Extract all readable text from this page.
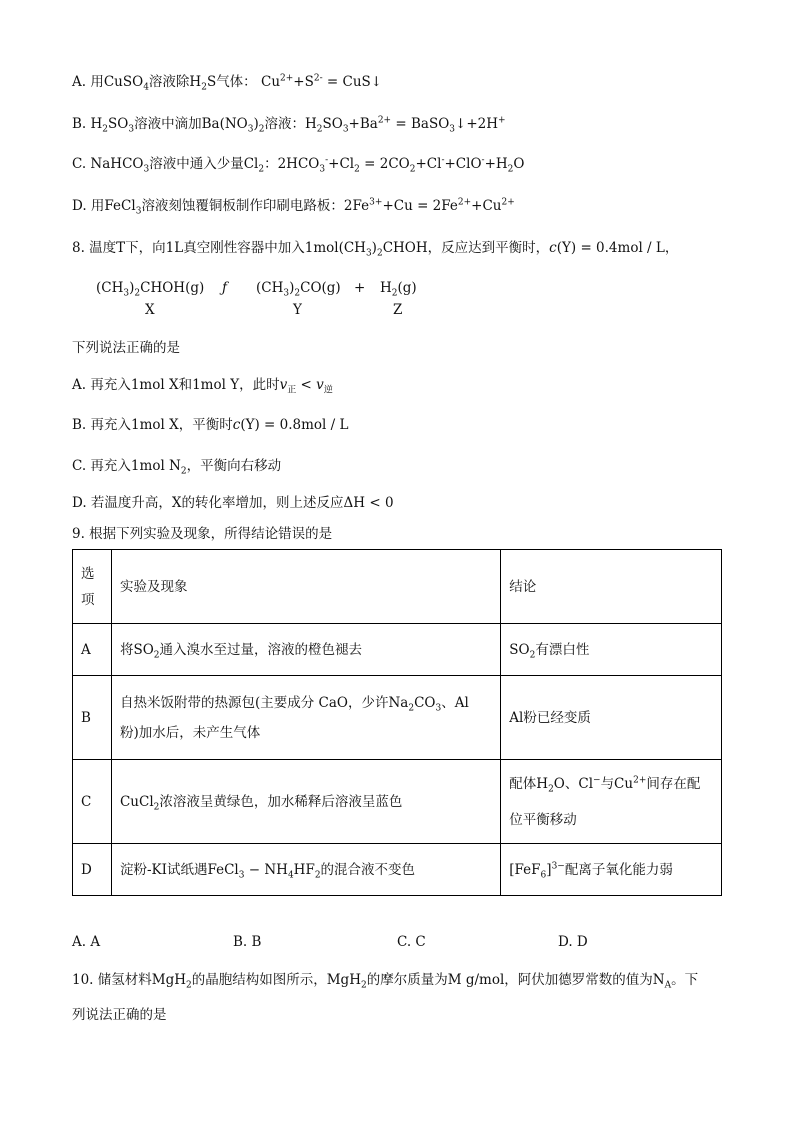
A. 用CuSO$_4$溶液除$H_2S$气体： $Cu^{2+}+S^{2-}$ = CuS↓
B. $H_2SO_3$溶液中滴加$Ba(NO_3)_2$溶液：$H_2SO_3+Ba^{2+}$ = BaSO$_3$↓+2H+
C. NaHCO$_3$溶液中通入少量$Cl_2$：$2HCO_3^-+Cl_2 = 2CO_2+Cl^-+ClO^-+H_2O$
D. 用FeCl$_3$溶液刻蚀覆铜板制作印刷电路板：$2Fe^{3+}+Cu = 2Fe^{2+}+Cu^{2+}$
8. 温度T下，向1L真空刚性容器中加入$1mol(CH_3)_2CHOH$，反应达到平衡时，c(Y) = 0.4mol / L，
$(CH_3)_2CHOH(g)$ ƒ $(CH_3)_2CO(g) + H_2(g)$
X	Y	Z
下列说法正确的是
A. 再充入1mol X和1mol Y，此时$v_正 < v_逆$
B. 再充入1mol X，平衡时c(Y) = 0.8mol / L
C. 再充入1mol $N_2$，平衡向右移动
D. 若温度升高，X的转化率增加，则上述反应ΔH < 0
9. 根据下列实验及现象，所得结论错误的是
选
项	实验及现象	结论
A	将$SO_2$通入溴水至过量，溶液的橙色褪去	$SO_2$有漂白性
B	自热米饭附带的热源包(主要成分 CaO，少许$Na_2CO_3$、Al
粉)加水后，未产生气体	Al粉已经变质
C	CuCl$_2$浓溶液呈黄绿色，加水稀释后溶液呈蓝色	配体$H_2O$、Cl−与$Cu^{2+}$间存在配
位平衡移动
D	淀粉-KI试纸遇FeCl$_3$ − $NH_4HF_2$的混合液不变色	$[FeF_6]^{3-}$配离子氧化能力弱
A. A	B. B	C. C	D. D
10. 储氢材料MgH$_2$的晶胞结构如图所示，MgH$_2$的摩尔质量为M g/mol，阿伏加德罗常数的值为$N_A$。下
列说法正确的是
